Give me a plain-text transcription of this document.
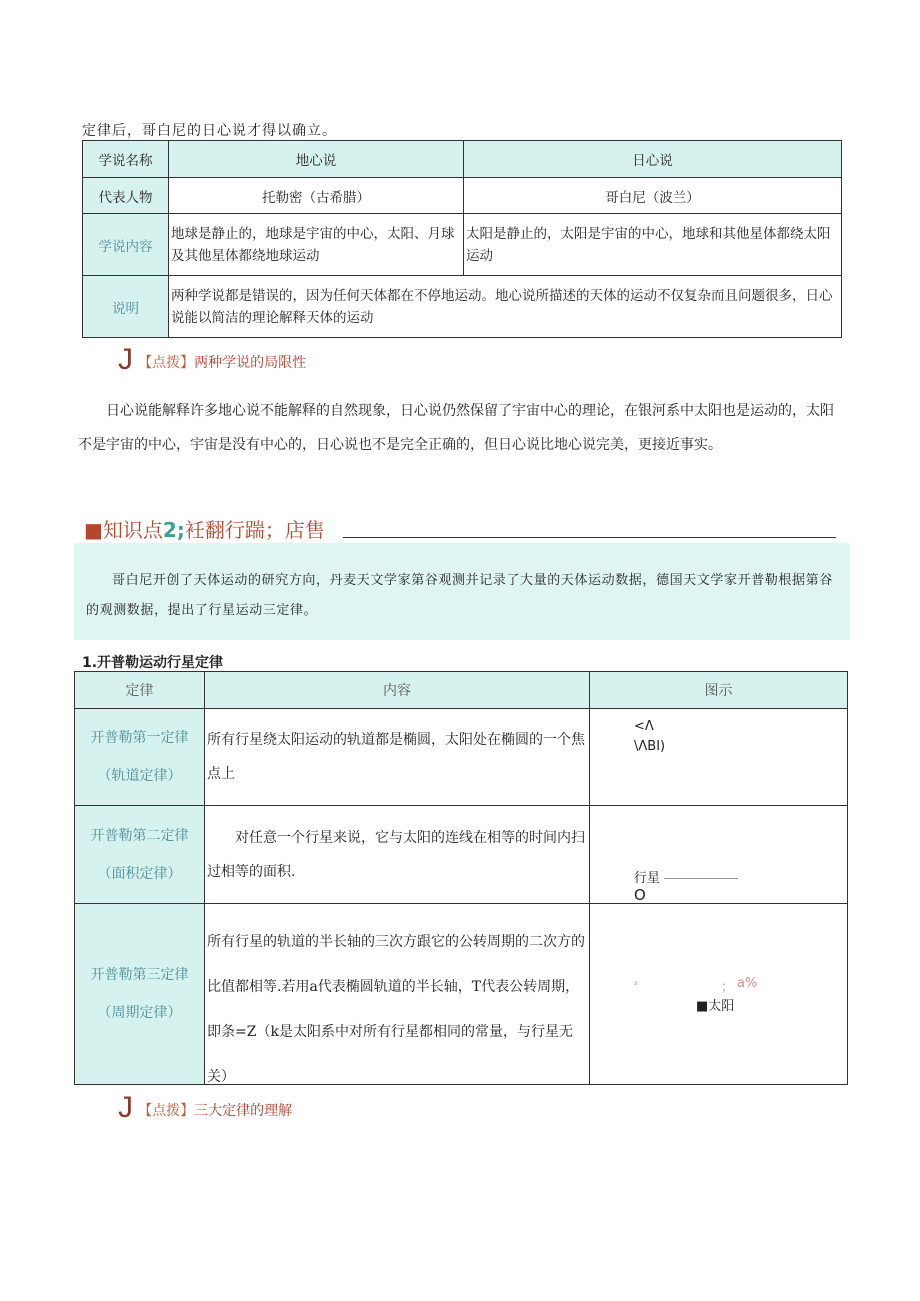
定律后，哥白尼的日心说才得以确立。
学说名称	地心说	日心说
代表人物	托勒密（古希腊）	哥白尼（波兰）
学说内容	地球是静止的，地球是宇宙的中心，太阳、月球及其他星体都绕地球运动	太阳是静止的，太阳是宇宙的中心，地球和其他星体都绕太阳运动
说明	两种学说都是错误的，因为任何天体都在不停地运动。地心说所描述的天体的运动不仅复杂而且问题很多，日心说能以简洁的理论解释天体的运动	
J 【点拨】两种学说的局限性
日心说能解释许多地心说不能解释的自然现象，日心说仍然保留了宇宙中心的理论，在银河系中太阳也是运动的，太阳不是宇宙的中心，宇宙是没有中心的，日心说也不是完全正确的，但日心说比地心说完美，更接近事实。
■知识点2;衽翻行踹；店售
哥白尼开创了天体运动的研究方向，丹麦天文学家第谷观测并记录了大量的天体运动数据，德国天文学家开普勒根据第谷的观测数据，提出了行星运动三定律。
1.开普勒运动行星定律
定律	内容	图示
开普勒第一定律（轨道定律）	所有行星绕太阳运动的轨道都是椭圆，太阳处在椭圆的一个焦点上	<Λ
\ΛBI)

开普勒第二定律（面积定律）	对任意一个行星来说，它与太阳的连线在相等的时间内扫过相等的面积.	行星
O

开普勒第三定律（周期定律）	所有行星的轨道的半长轴的三次方跟它的公转周期的二次方的比值都相等.若用a代表椭圆轨道的半长轴，T代表公转周期，即条=Z（k是太阳系中对所有行星都相同的常量，与行星无关）	⸗ ； a%
■太阳
J 【点拨】三大定律的理解
